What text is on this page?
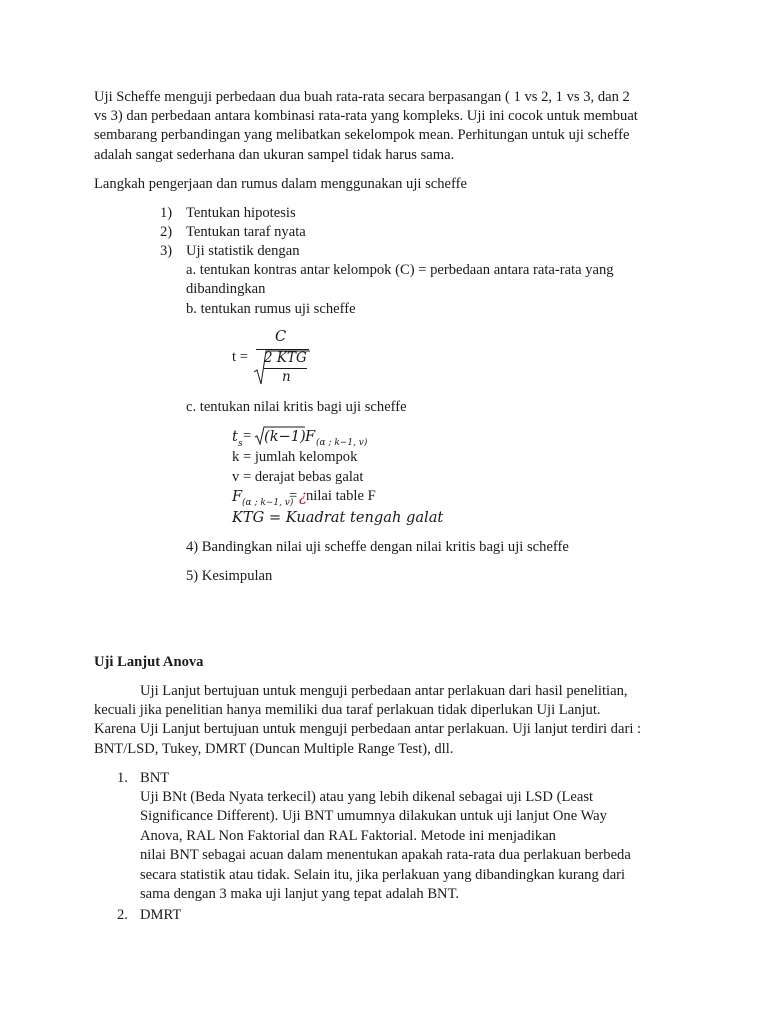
Uji Scheffe menguji perbedaan dua buah rata-rata secara berpasangan ( 1 vs 2, 1 vs 3, dan 2
vs 3) dan perbedaan antara kombinasi rata-rata yang kompleks. Uji ini cocok untuk membuat
sembarang perbandingan yang melibatkan sekelompok mean. Perhitungan untuk uji scheffe
adalah sangat sederhana dan ukuran sampel tidak harus sama.
Langkah pengerjaan dan rumus dalam menggunakan uji scheffe
1) Tentukan hipotesis
2) Tentukan taraf nyata
3) Uji statistik dengan
a. tentukan kontras antar kelompok (C) = perbedaan antara rata-rata yang
dibandingkan
b. tentukan rumus uji scheffe
t =
C
2 KTG
n
c. tentukan nilai kritis bagi uji scheffe
t s = (k−1) F (α ; k−1, v)
k = jumlah kelompok
v = derajat bebas galat
F (α ; k−1, v)
= ¿ nilai table F
KTG = Kuadrat tengah galat
4) Bandingkan nilai uji scheffe dengan nilai kritis bagi uji scheffe
5) Kesimpulan
Uji Lanjut Anova
Uji Lanjut bertujuan untuk menguji perbedaan antar perlakuan dari hasil penelitian,
kecuali jika penelitian hanya memiliki dua taraf perlakuan tidak diperlukan Uji Lanjut.
Karena Uji Lanjut bertujuan untuk menguji perbedaan antar perlakuan. Uji lanjut terdiri dari :
BNT/LSD, Tukey, DMRT (Duncan Multiple Range Test), dll.
1. BNT
Uji BNt (Beda Nyata terkecil) atau yang lebih dikenal sebagai uji LSD (Least
Significance Different). Uji BNT umumnya dilakukan untuk uji lanjut One Way
Anova, RAL Non Faktorial dan RAL Faktorial. Metode ini menjadikan
nilai BNT sebagai acuan dalam menentukan apakah rata-rata dua perlakuan berbeda
secara statistik atau tidak. Selain itu, jika perlakuan yang dibandingkan kurang dari
sama dengan 3 maka uji lanjut yang tepat adalah BNT.
2. DMRT
